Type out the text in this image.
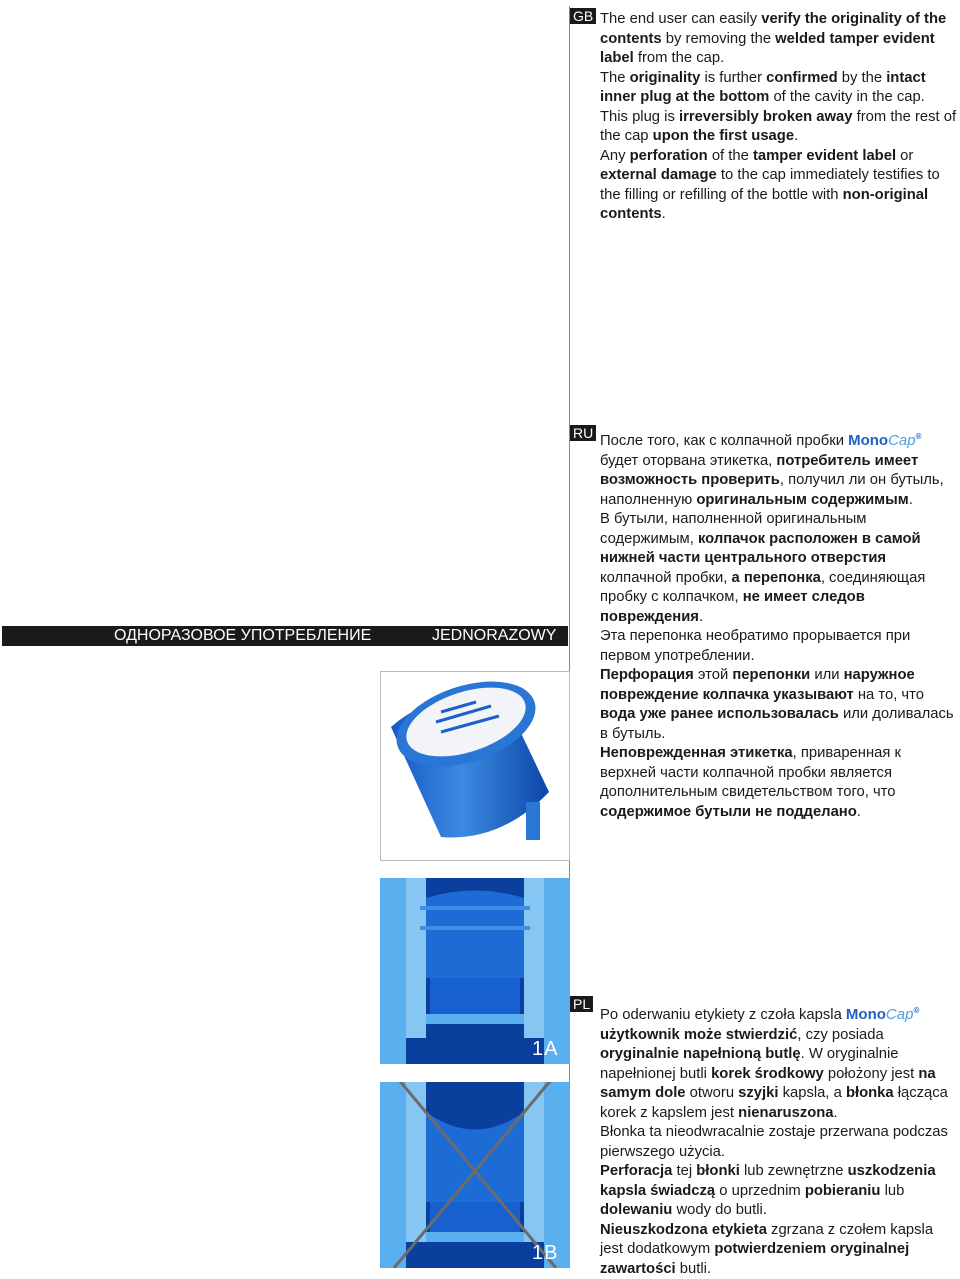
GB The end user can easily verify the originality of the contents by removing the welded tamper evident label from the cap.

The originality is further confirmed by the intact inner plug at the bottom of the cavity in the cap.

This plug is irreversibly broken away from the rest of the cap upon the first usage.

Any perforation of the tamper evident label or external damage to the cap immediately testifies to the filling or refilling of the bottle with non-original contents.

RU После того, как с колпачной пробки MonoCap® будет оторвана этикетка, потребитель имеет возможность проверить, получил ли он бутыль, наполненную оригинальным содержимым.

В бутыли, наполненной оригинальным содержимым, колпачок расположен в самой нижней части центрального отверстия колпачной пробки, а перепонка, соединяющая пробку с колпачком, не имеет следов повреждения.

Эта перепонка необратимо прорывается при первом употреблении.

Перфорация этой перепонки или наружное повреждение колпачка указывают на то, что вода уже ранее использовалась или доливалась в бутыль.

Неповрежденная этикетка, приваренная к верхней части колпачной пробки является дополнительным свидетельством того, что содержимое бутыли не подделано.

ОДНОРАЗОВОЕ УПОТРЕБЛЕНИЕ	JEDNORAZOWY
1A
1B
PL

Po oderwaniu etykiety z czoła kapsla MonoCap® użytkownik może stwierdzić, czy posiada oryginalnie napełnioną butlę. W oryginalnie napełnionej butli korek środkowy położony jest na samym dole otworu szyjki kapsla, a błonka łącząca korek z kapslem jest nienaruszona.

Błonka ta nieodwracalnie zostaje przerwana podczas pierwszego użycia.

Perforacja tej błonki lub zewnętrzne uszkodzenia kapsla świadczą o uprzednim pobieraniu lub dolewaniu wody do butli.

Nieuszkodzona etykieta zgrzana z czołem kapsla jest dodatkowym potwierdzeniem oryginalnej zawartości butli.
